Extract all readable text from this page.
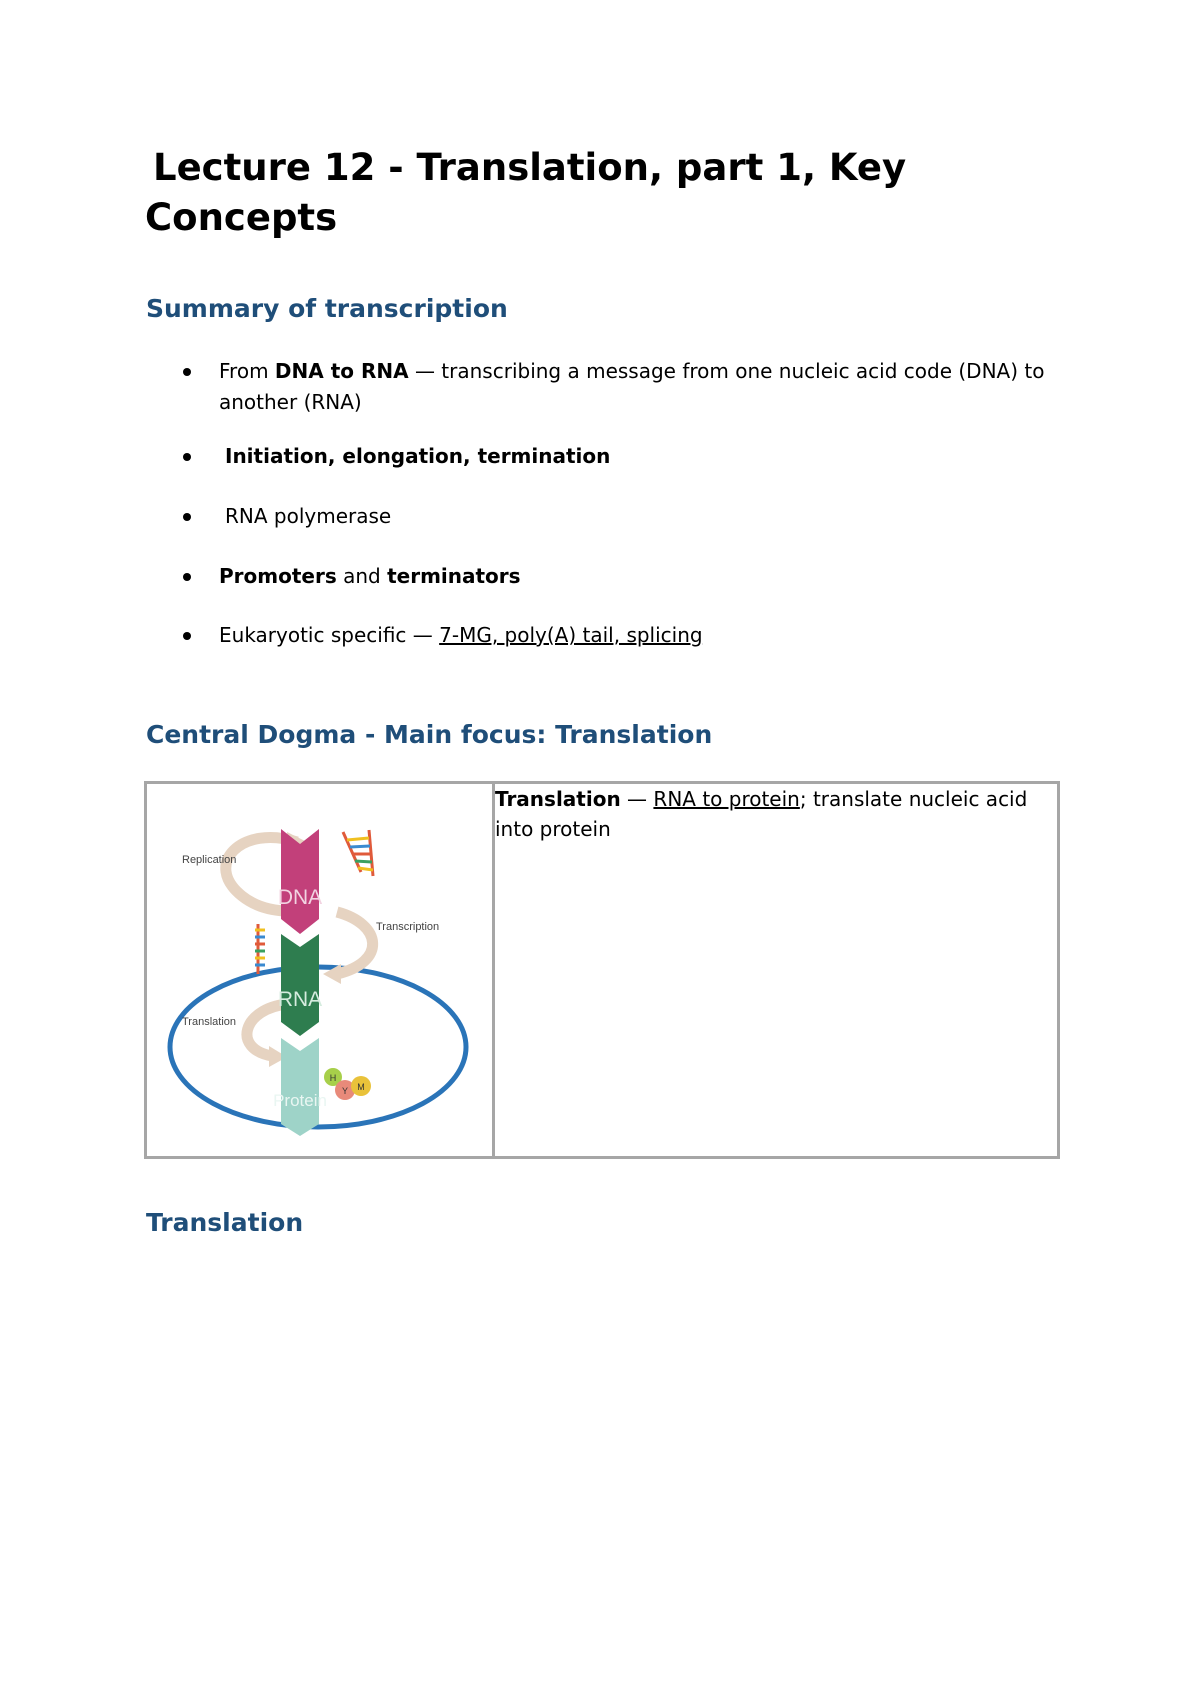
Lecture 12 - Translation, part 1, Key
Concepts
Summary of transcription
From DNA to RNA — transcribing a message from one nucleic acid code (DNA) to another (RNA)
Initiation, elongation, termination
RNA polymerase
Promoters and terminators
Eukaryotic specific — 7-MG, poly(A) tail, splicing
Central Dogma - Main focus: Translation
DNA
RNA
Protein
H
Y M
Replication
Transcription
Translation
	Translation — RNA to protein; translate nucleic acid into protein
Translation
